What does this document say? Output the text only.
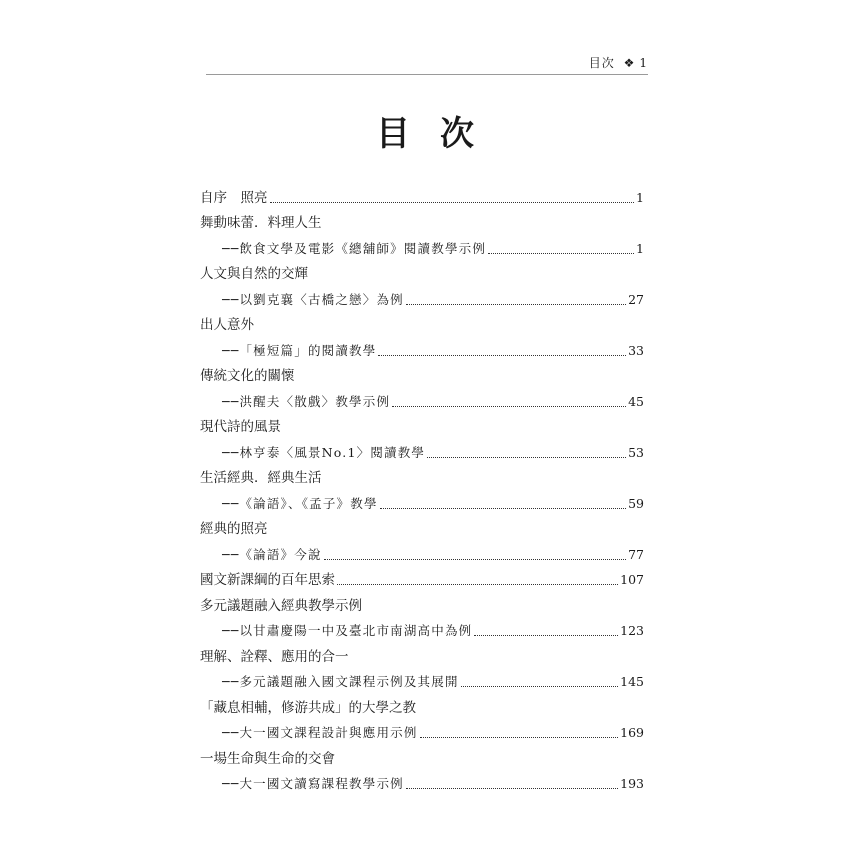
目次 ❖ 1
目次
自序　照亮	1
舞動味蕾．料理人生
──飲食文學及電影《總舖師》閱讀教學示例	1
人文與自然的交輝
──以劉克襄〈古橋之戀〉為例	27
出人意外
──「極短篇」的閱讀教學	33
傳統文化的關懷
──洪醒夫〈散戲〉教學示例	45
現代詩的風景
──林亨泰〈風景No.1〉閱讀教學	53
生活經典．經典生活
──《論語》、《孟子》教學	59
經典的照亮
──《論語》今說	77
國文新課綱的百年思索	107
多元議題融入經典教學示例
──以甘肅慶陽一中及臺北市南湖高中為例	123
理解、詮釋、應用的合一
──多元議題融入國文課程示例及其展開	145
「藏息相輔，修游共成」的大學之教
──大一國文課程設計與應用示例	169
一場生命與生命的交會
──大一國文讀寫課程教學示例	193
